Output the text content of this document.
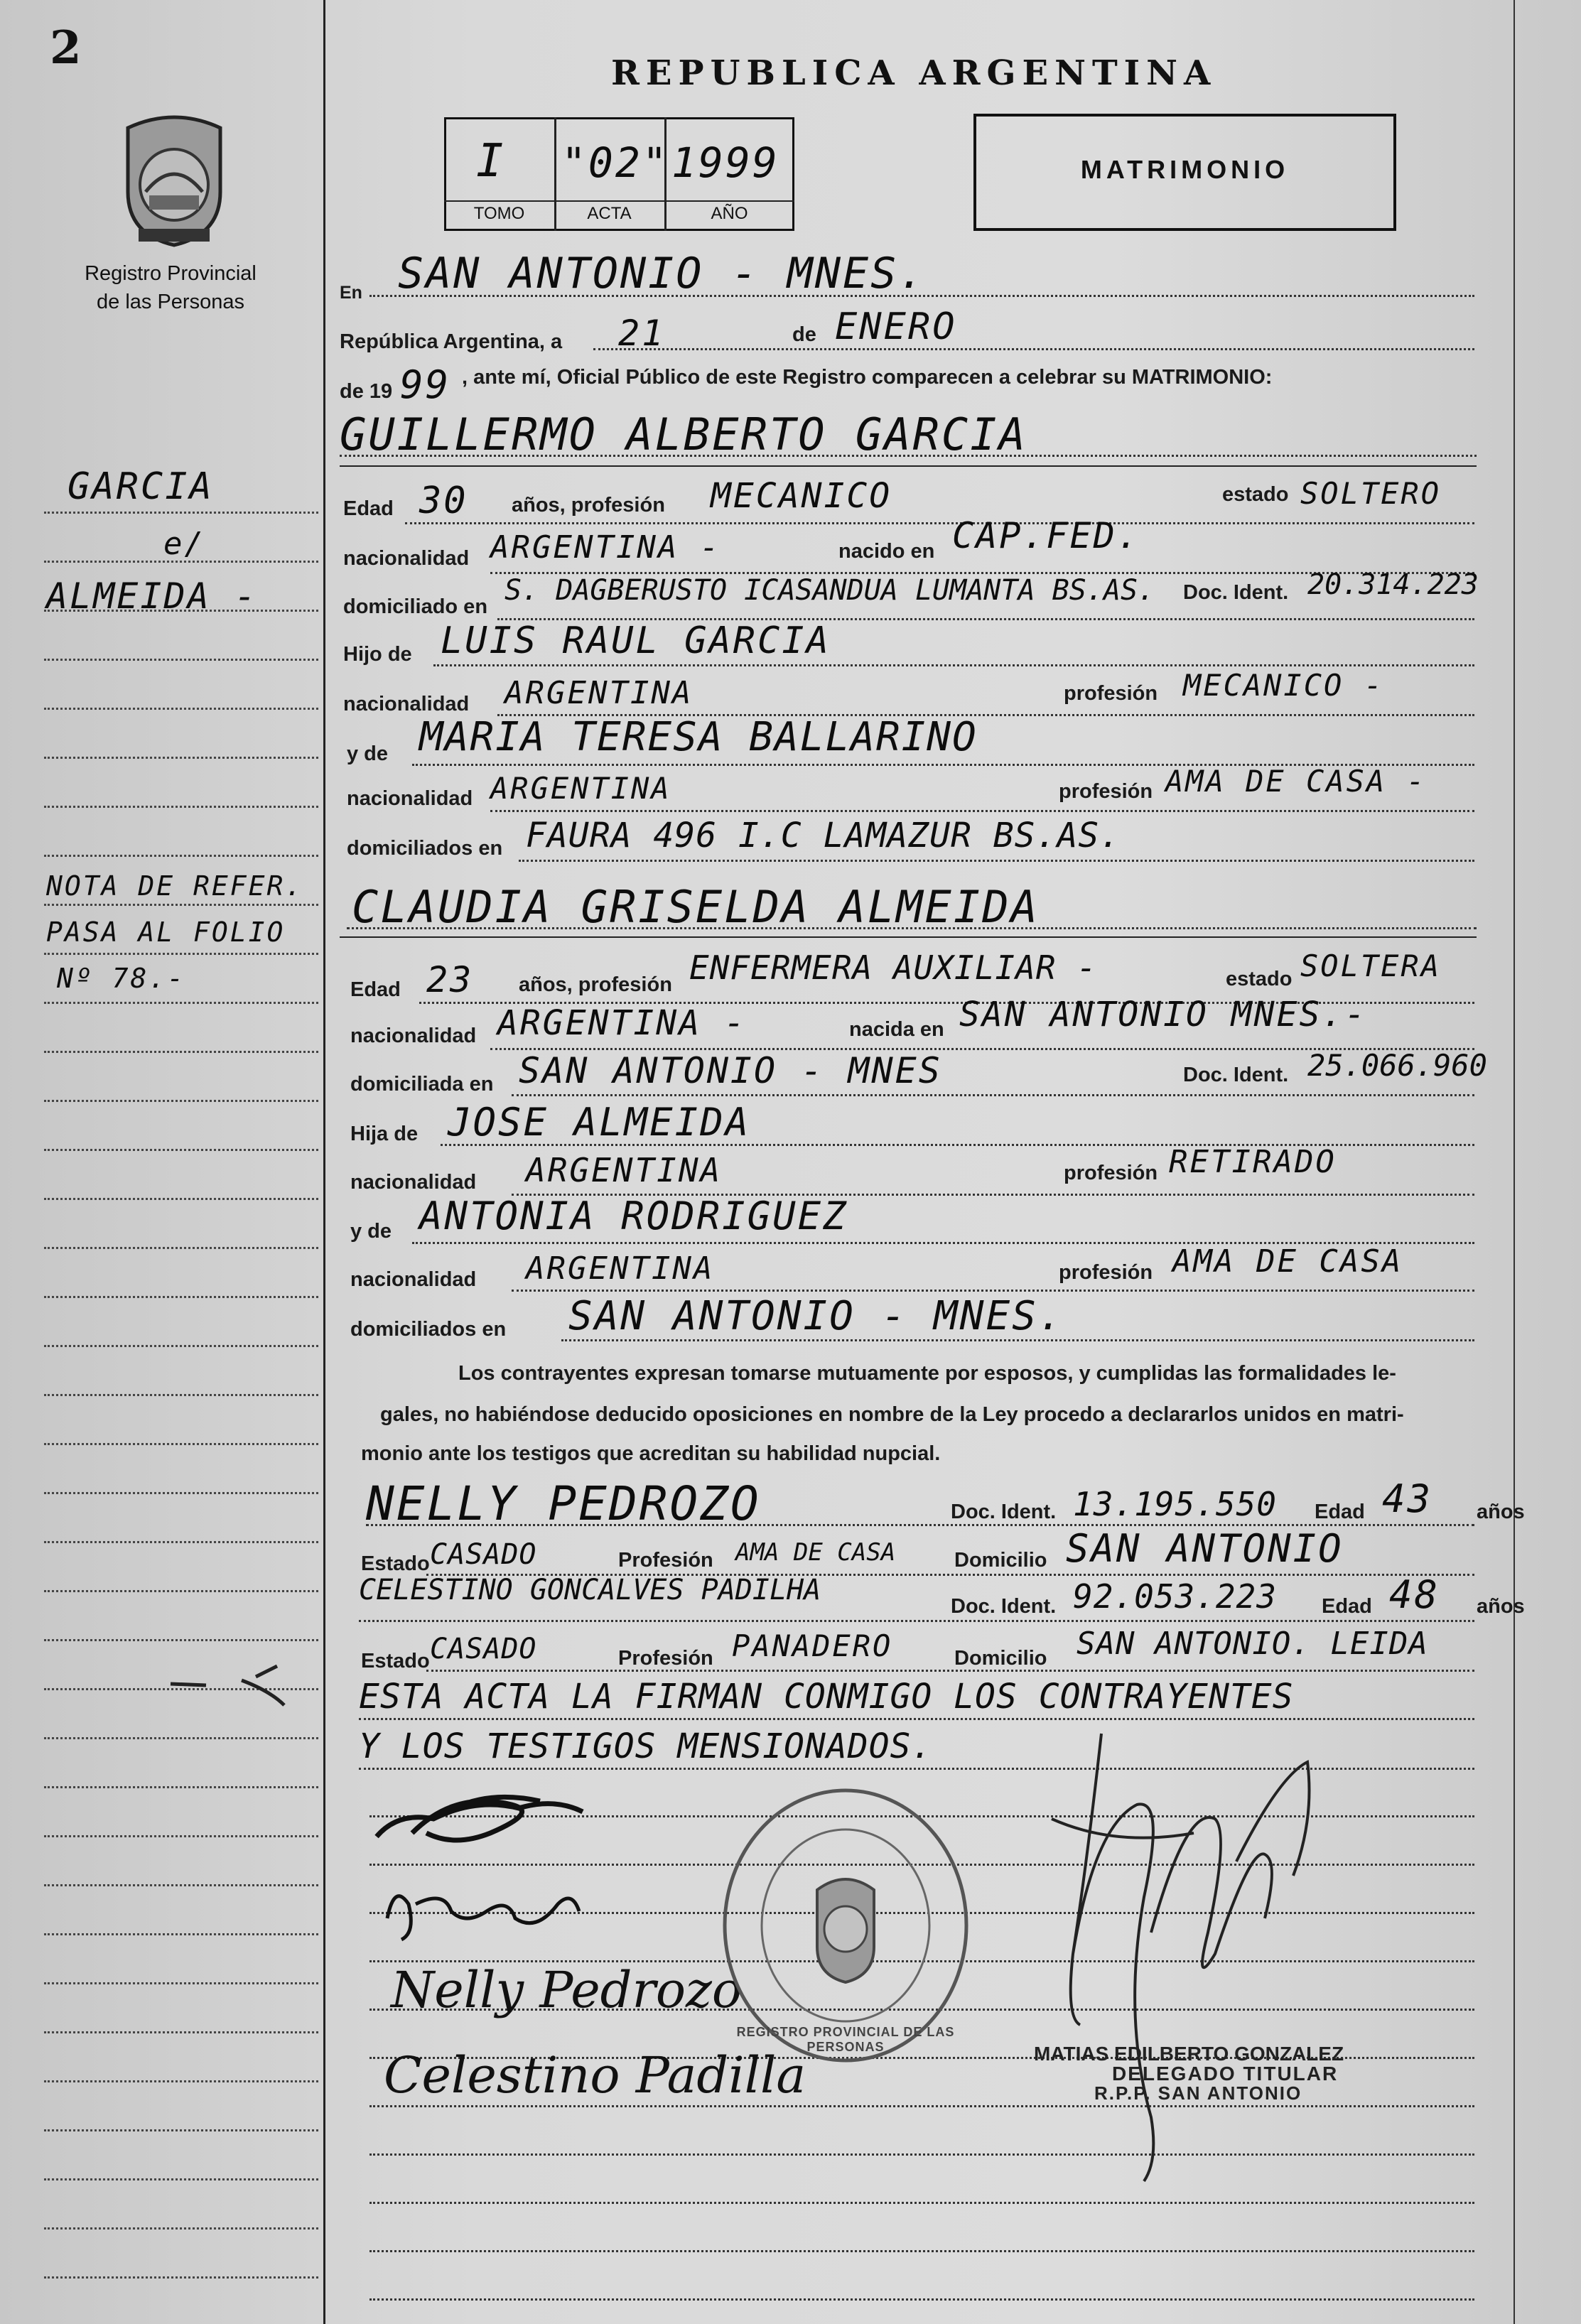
2
Registro Provincial
de las Personas
GARCIA
e/
ALMEIDA -
NOTA DE REFER.
PASA AL FOLIO
Nº 78.-
REPUBLICA ARGENTINA
I "02" 1999
TOMO	ACTA	AÑO
MATRIMONIO
En SAN ANTONIO - MNES.
República Argentina, a 21	de ENERO
de 19 99 , ante mí, Oficial Público de este Registro comparecen a celebrar su MATRIMONIO:
GUILLERMO ALBERTO GARCIA
Edad 30 años, profesión MECANICO	estado SOLTERO
nacionalidad ARGENTINA -	nacido en CAP.FED.
domiciliado en S. DAGBERUSTO ICASANDUA LUMANTA BS.AS. Doc. Ident. 20.314.223
Hijo de LUIS RAUL GARCIA
nacionalidad ARGENTINA	profesión MECANICO -
y de MARIA TERESA BALLARINO
nacionalidad ARGENTINA	profesión AMA DE CASA -
domiciliados en FAURA 496 I.C LAMAZUR BS.AS.
CLAUDIA GRISELDA ALMEIDA
Edad 23 años, profesión ENFERMERA AUXILIAR -	estado SOLTERA
nacionalidad ARGENTINA -	nacida en SAN ANTONIO MNES.-
domiciliada en SAN ANTONIO - MNES	Doc. Ident. 25.066.960
Hija de JOSE ALMEIDA
nacionalidad ARGENTINA	profesión RETIRADO
y de ANTONIA RODRIGUEZ
nacionalidad ARGENTINA	profesión AMA DE CASA
domiciliados en SAN ANTONIO - MNES.
Los contrayentes expresan tomarse mutuamente por esposos, y cumplidas las formalidades le-
gales, no habiéndose deducido oposiciones en nombre de la Ley procedo a declararlos unidos en matri-
monio ante los testigos que acreditan su habilidad nupcial.
NELLY PEDROZO	Doc. Ident. 13.195.550 Edad 43 años
Estado CASADO	Profesión AMA DE CASA	Domicilio SAN ANTONIO
CELESTINO GONCALVES PADILHA	Doc. Ident. 92.053.223 Edad 48 años
Estado CASADO	Profesión PANADERO	Domicilio SAN ANTONIO. LEIDA
ESTA ACTA LA FIRMAN CONMIGO LOS CONTRAYENTES
Y LOS TESTIGOS MENSIONADOS.
Nelly Pedrozo
Celestino Padilla
REGISTRO PROVINCIAL DE LAS PERSONAS	MATIAS EDILBERTO GONZALEZ
DELEGADO TITULAR
R.P.P. SAN ANTONIO
